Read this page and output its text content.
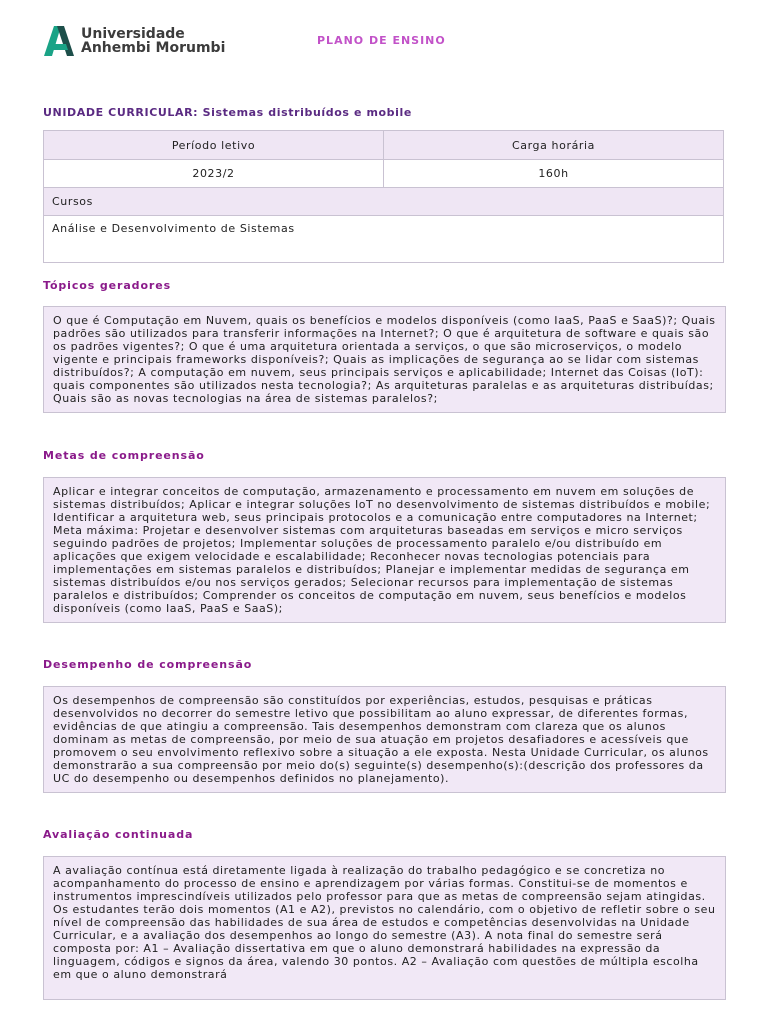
Universidade
Anhembi Morumbi	PLANO DE ENSINO
UNIDADE CURRICULAR: Sistemas distribuídos e mobile
Período letivo	Carga horária
2023/2	160h
Cursos	
Análise e Desenvolvimento de Sistemas	
Tópicos geradores
O que é Computação em Nuvem, quais os benefícios e modelos disponíveis (como IaaS, PaaS e SaaS)?; Quais padrões são utilizados para transferir informações na Internet?; O que é arquitetura de software e quais são os padrões vigentes?; O que é uma arquitetura orientada a serviços, o que são microserviços, o modelo vigente e principais frameworks disponíveis?; Quais as implicações de segurança ao se lidar com sistemas distribuídos?; A computação em nuvem, seus principais serviços e aplicabilidade; Internet das Coisas (IoT): quais componentes são utilizados nesta tecnologia?; As arquiteturas paralelas e as arquiteturas distribuídas; Quais são as novas tecnologias na área de sistemas paralelos?;
Metas de compreensão
Aplicar e integrar conceitos de computação, armazenamento e processamento em nuvem em soluções de sistemas distribuídos; Aplicar e integrar soluções IoT no desenvolvimento de sistemas distribuídos e mobile; Identificar a arquitetura web, seus principais protocolos e a comunicação entre computadores na Internet; Meta máxima: Projetar e desenvolver sistemas com arquiteturas baseadas em serviços e micro serviços seguindo padrões de projetos; Implementar soluções de processamento paralelo e/ou distribuído em aplicações que exigem velocidade e escalabilidade; Reconhecer novas tecnologias potenciais para implementações em sistemas paralelos e distribuídos; Planejar e implementar medidas de segurança em sistemas distribuídos e/ou nos serviços gerados; Selecionar recursos para implementação de sistemas paralelos e distribuídos; Comprender os conceitos de computação em nuvem, seus benefícios e modelos disponíveis (como IaaS, PaaS e SaaS);
Desempenho de compreensão
Os desempenhos de compreensão são constituídos por experiências, estudos, pesquisas e práticas desenvolvidos no decorrer do semestre letivo que possibilitam ao aluno expressar, de diferentes formas, evidências de que atingiu a compreensão. Tais desempenhos demonstram com clareza que os alunos dominam as metas de compreensão, por meio de sua atuação em projetos desafiadores e acessíveis que promovem o seu envolvimento reflexivo sobre a situação a ele exposta. Nesta Unidade Curricular, os alunos demonstrarão a sua compreensão por meio do(s) seguinte(s) desempenho(s):(descrição dos professores da UC do desempenho ou desempenhos definidos no planejamento).
Avaliação continuada
A avaliação contínua está diretamente ligada à realização do trabalho pedagógico e se concretiza no acompanhamento do processo de ensino e aprendizagem por várias formas. Constitui-se de momentos e instrumentos imprescindíveis utilizados pelo professor para que as metas de compreensão sejam atingidas. Os estudantes terão dois momentos (A1 e A2), previstos no calendário, com o objetivo de refletir sobre o seu nível de compreensão das habilidades de sua área de estudos e competências desenvolvidas na Unidade Curricular, e a avaliação dos desempenhos ao longo do semestre (A3). A nota final do semestre será composta por: A1 – Avaliação dissertativa em que o aluno demonstrará habilidades na expressão da linguagem, códigos e signos da área, valendo 30 pontos. A2 – Avaliação com questões de múltipla escolha em que o aluno demonstrará
